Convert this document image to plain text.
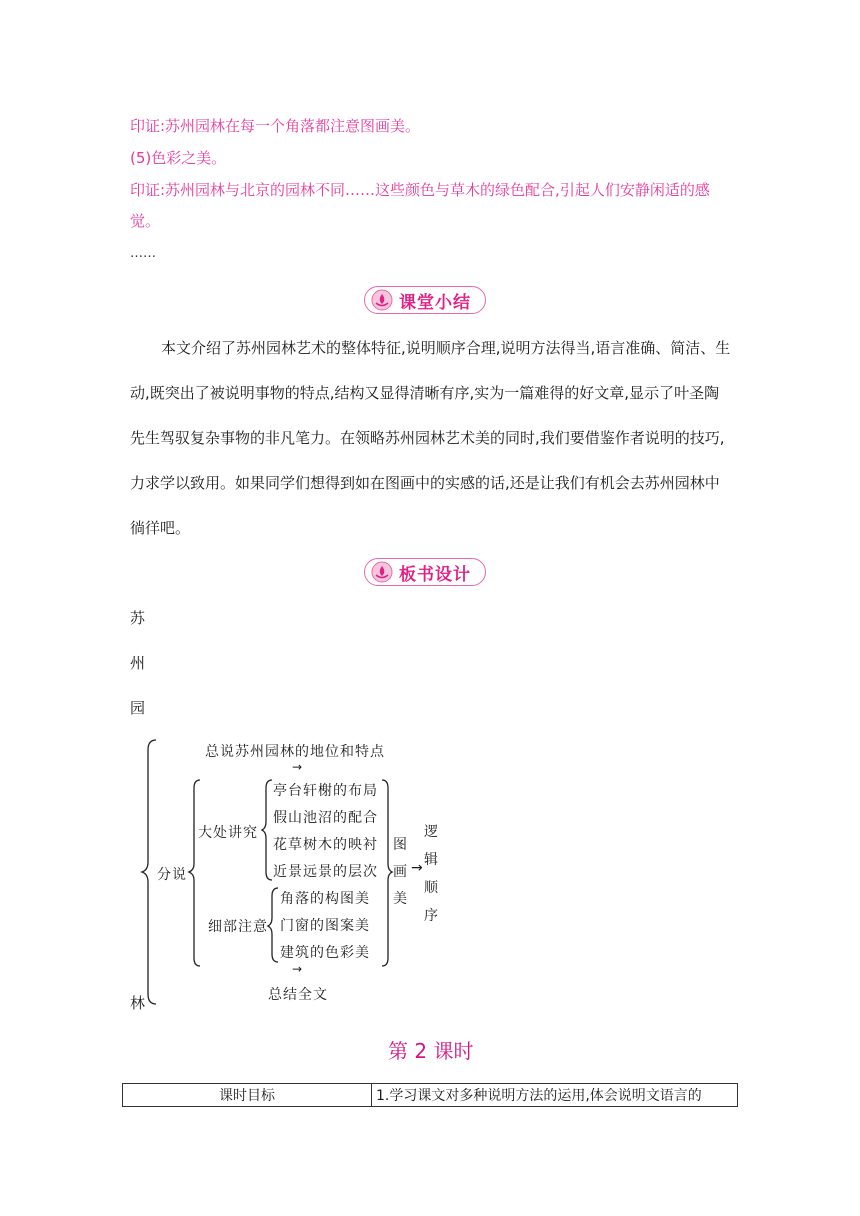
印证:苏州园林在每一个角落都注意图画美。
(5)色彩之美。
印证:苏州园林与北京的园林不同……这些颜色与草木的绿色配合,引起人们安静闲适的感
觉。
……
课堂小结
本文介绍了苏州园林艺术的整体特征,说明顺序合理,说明方法得当,语言准确、简洁、生
动,既突出了被说明事物的特点,结构又显得清晰有序,实为一篇难得的好文章,显示了叶圣陶
先生驾驭复杂事物的非凡笔力。在领略苏州园林艺术美的同时,我们要借鉴作者说明的技巧,
力求学以致用。如果同学们想得到如在图画中的实感的话,还是让我们有机会去苏州园林中
徜徉吧。
板书设计
苏
州
园
林
总说苏州园林的地位和特点
→
亭台轩榭的布局
假山池沼的配合
大处讲究
花草树木的映衬
近景远景的层次
分说
角落的构图美
细部注意 门窗的图案美
建筑的色彩美
→
总结全文
图
画 →
美
逻
辑
顺
序
第 2 课时
课时目标	1.学习课文对多种说明方法的运用,体会说明文语言的
